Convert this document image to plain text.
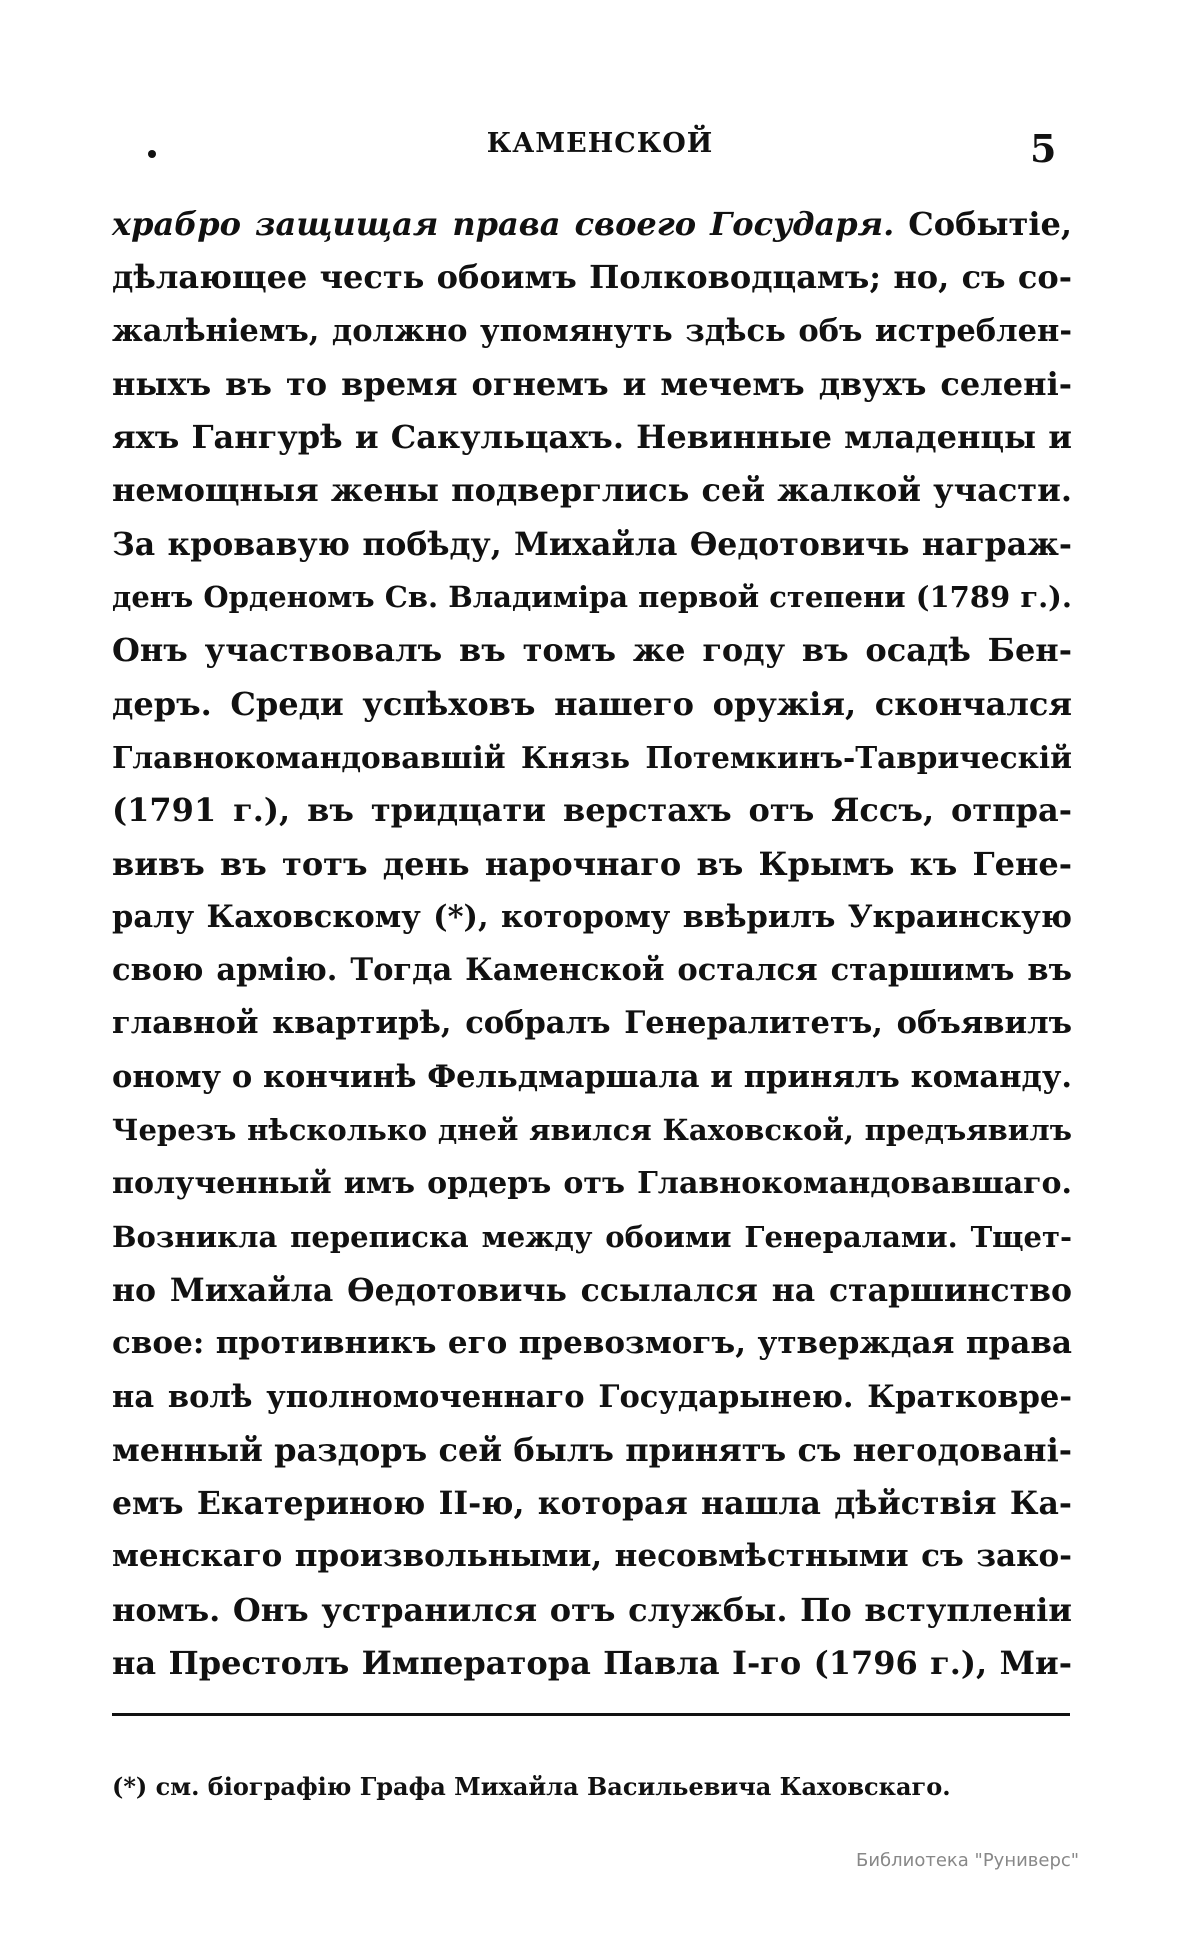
КАМЕНСКОЙ	5
храбро защищая права своего Государя. Событіе,
дѣлающее честь обоимъ Полководцамъ; но, съ со-
жалѣніемъ, должно упомянуть здѣсь объ истреблен-
ныхъ въ то время огнемъ и мечемъ двухъ селені-
яхъ Гангурѣ и Сакульцахъ. Невинные младенцы и
немощныя жены подверглись сей жалкой участи.
За кровавую побѣду, Михайла Ѳедотовичь награж-
денъ Орденомъ Св. Владиміра первой степени (1789 г.).
Онъ участвовалъ въ томъ же году въ осадѣ Бен-
деръ. Среди успѣховъ нашего оружія, скончался
Главнокомандовавшій Князь Потемкинъ-Таврическій
(1791 г.), въ тридцати верстахъ отъ Яссъ, отпра-
вивъ въ тотъ день нарочнаго въ Крымъ къ Гене-
ралу Каховскому (*), которому ввѣрилъ Украинскую
свою армію. Тогда Каменской остался старшимъ въ
главной квартирѣ, собралъ Генералитетъ, объявилъ
оному о кончинѣ Фельдмаршала и принялъ команду.
Черезъ нѣсколько дней явился Каховской, предъявилъ
полученный имъ ордеръ отъ Главнокомандовавшаго.
Возникла переписка между обоими Генералами. Тщет-
но Михайла Ѳедотовичь ссылался на старшинство
свое: противникъ его превозмогъ, утверждая права
на волѣ уполномоченнаго Государынею. Кратковре-
менный раздоръ сей былъ принятъ съ негодованi-
емъ Екатериною II-ю, которая нашла дѣйствія Ка-
менскаго произвольными, несовмѣстными съ зако-
номъ. Онъ устранился отъ службы. По вступленіи
на Престолъ Императора Павла I-го (1796 г.), Ми-
(*) см. біографію Графа Михайла Васильевича Каховскаго.
Библиотека "Руниверс"
